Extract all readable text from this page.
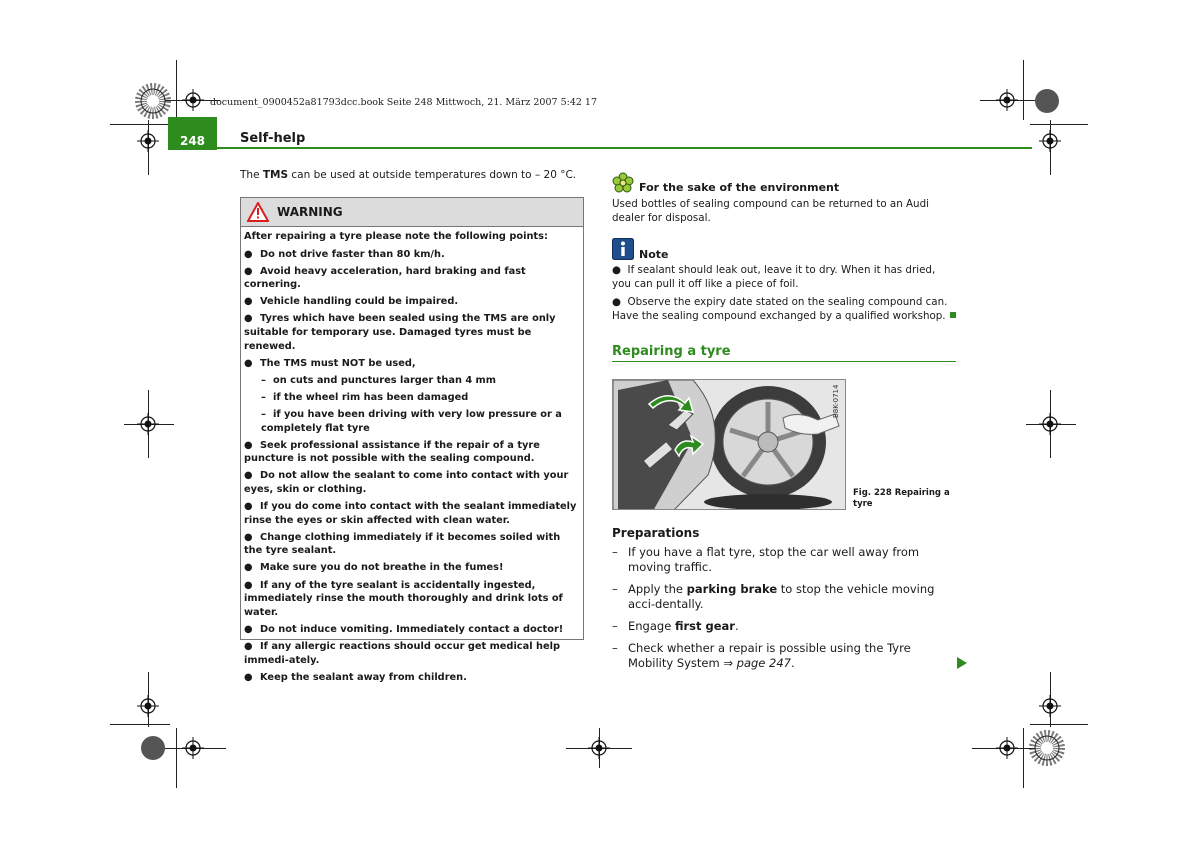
document_0900452a81793dcc.book Seite 248 Mittwoch, 21. März 2007 5:42 17
248	Self-help
The TMS can be used at outside temperatures down to – 20 °C.
WARNING
After repairing a tyre please note the following points:
● Do not drive faster than 80 km/h.
● Avoid heavy acceleration, hard braking and fast cornering.
● Vehicle handling could be impaired.
● Tyres which have been sealed using the TMS are only suitable for temporary use. Damaged tyres must be renewed.
● The TMS must NOT be used,
– on cuts and punctures larger than 4 mm
– if the wheel rim has been damaged
– if you have been driving with very low pressure or a completely flat tyre
● Seek professional assistance if the repair of a tyre puncture is not possible with the sealing compound.
● Do not allow the sealant to come into contact with your eyes, skin or clothing.
● If you do come into contact with the sealant immediately rinse the eyes or skin affected with clean water.
● Change clothing immediately if it becomes soiled with the tyre sealant.
● Make sure you do not breathe in the fumes!
● If any of the tyre sealant is accidentally ingested, immediately rinse the mouth thoroughly and drink lots of water.
● Do not induce vomiting. Immediately contact a doctor!
● If any allergic reactions should occur get medical help immedi-ately.
● Keep the sealant away from children.
For the sake of the environment
Used bottles of sealing compound can be returned to an Audi dealer for disposal.
Note
●  If sealant should leak out, leave it to dry. When it has dried, you can pull it off like a piece of foil.
●  Observe the expiry date stated on the sealing compound can. Have the sealing compound exchanged by a qualified workshop.
Repairing a tyre
B8K-0714
Fig. 228 Repairing a tyre
Preparations
– If you have a flat tyre, stop the car well away from moving traffic.
– Apply the parking brake to stop the vehicle moving acci-dentally.
– Engage first gear.
– Check whether a repair is possible using the Tyre Mobility System ⇒ page 247.
